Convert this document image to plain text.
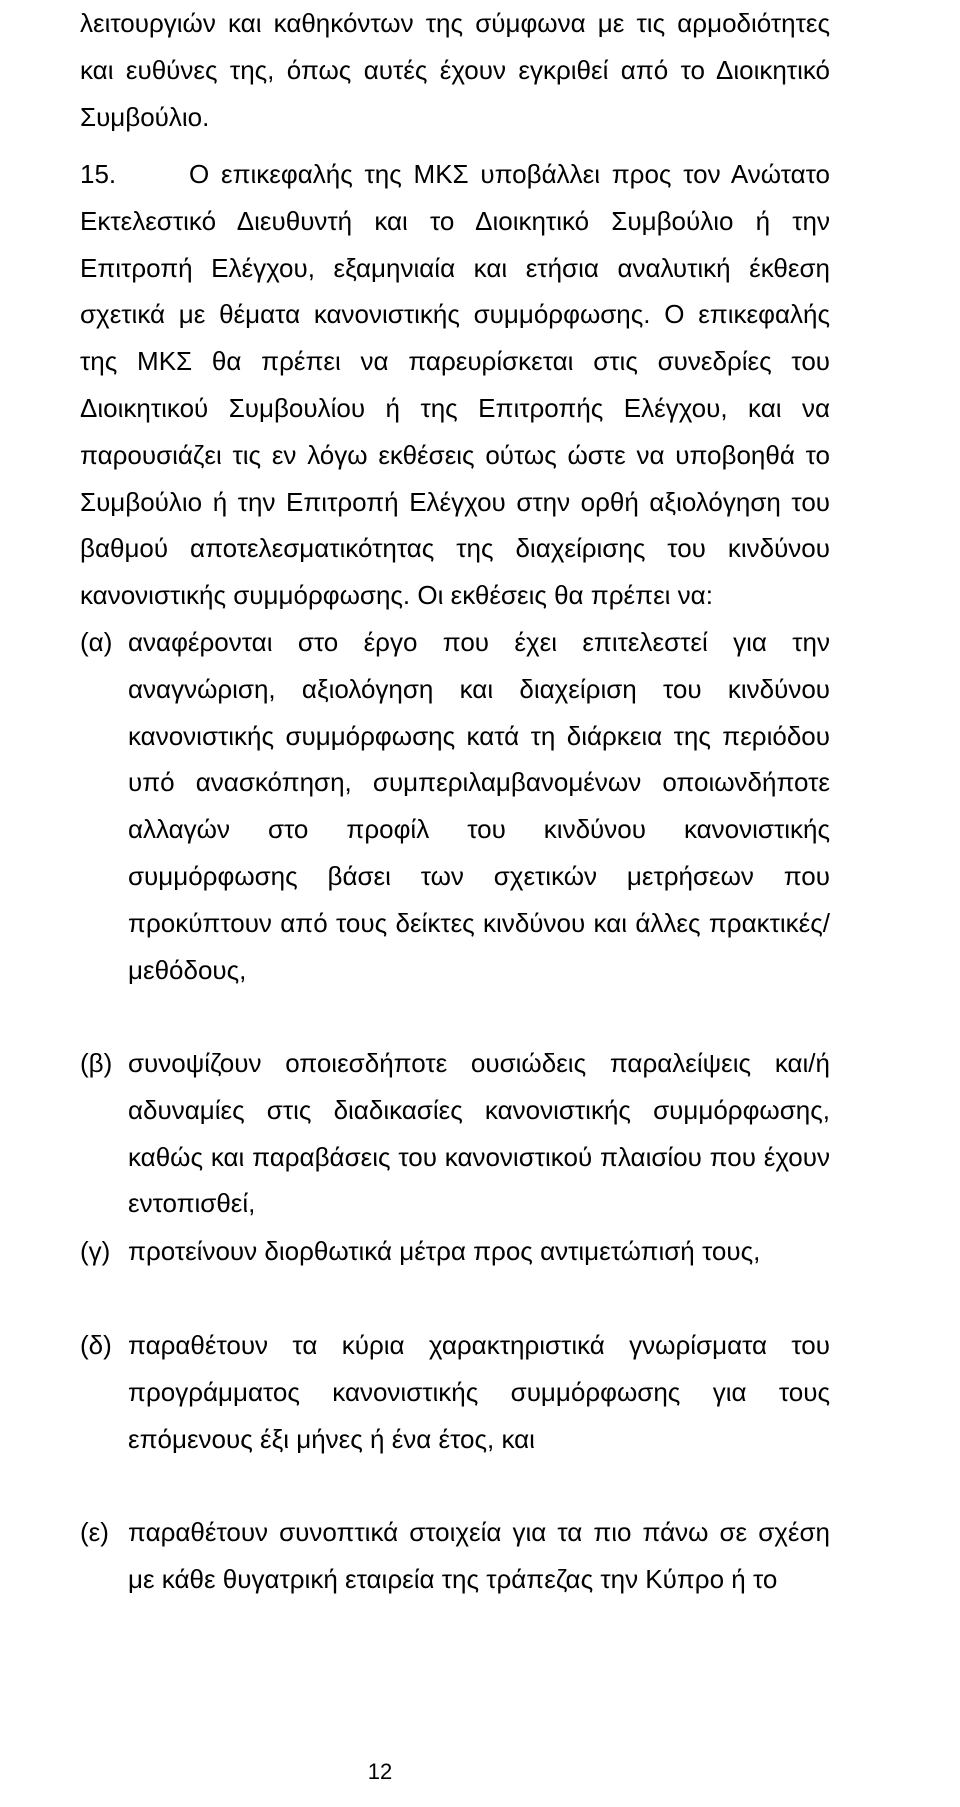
λειτουργιών και καθηκόντων της σύμφωνα με τις αρμοδιότητες και ευθύνες της, όπως αυτές έχουν εγκριθεί από το Διοικητικό Συμβούλιο.
15.	Ο επικεφαλής της ΜΚΣ υποβάλλει προς τον Ανώτατο Εκτελεστικό Διευθυντή και το Διοικητικό Συμβούλιο ή την Επιτροπή Ελέγχου, εξαμηνιαία και ετήσια αναλυτική έκθεση σχετικά με θέματα κανονιστικής συμμόρφωσης. Ο επικεφαλής της ΜΚΣ θα πρέπει να παρευρίσκεται στις συνεδρίες του Διοικητικού Συμβουλίου ή της Επιτροπής Ελέγχου, και να παρουσιάζει τις εν λόγω εκθέσεις ούτως ώστε να υποβοηθά το Συμβούλιο ή την Επιτροπή Ελέγχου στην ορθή αξιολόγηση του βαθμού αποτελεσματικότητας της διαχείρισης του κινδύνου κανονιστικής συμμόρφωσης. Οι εκθέσεις θα πρέπει να:
(α) αναφέρονται στο έργο που έχει επιτελεστεί για την αναγνώριση, αξιολόγηση και διαχείριση του κινδύνου κανονιστικής συμμόρφωσης κατά τη διάρκεια της περιόδου υπό ανασκόπηση, συμπεριλαμβανομένων οποιωνδήποτε αλλαγών στο προφίλ του κινδύνου κανονιστικής συμμόρφωσης βάσει των σχετικών μετρήσεων που προκύπτουν από τους δείκτες κινδύνου και άλλες πρακτικές/μεθόδους,
(β) συνοψίζουν οποιεσδήποτε ουσιώδεις παραλείψεις και/ή αδυναμίες στις διαδικασίες κανονιστικής συμμόρφωσης, καθώς και παραβάσεις του κανονιστικού πλαισίου που έχουν εντοπισθεί,
(γ) προτείνουν διορθωτικά μέτρα προς αντιμετώπισή τους,
(δ) παραθέτουν τα κύρια χαρακτηριστικά γνωρίσματα του προγράμματος κανονιστικής συμμόρφωσης για τους επόμενους έξι μήνες ή ένα έτος, και
(ε) παραθέτουν συνοπτικά στοιχεία για τα πιο πάνω σε σχέση με κάθε θυγατρική εταιρεία της τράπεζας την Κύπρο ή το
12
